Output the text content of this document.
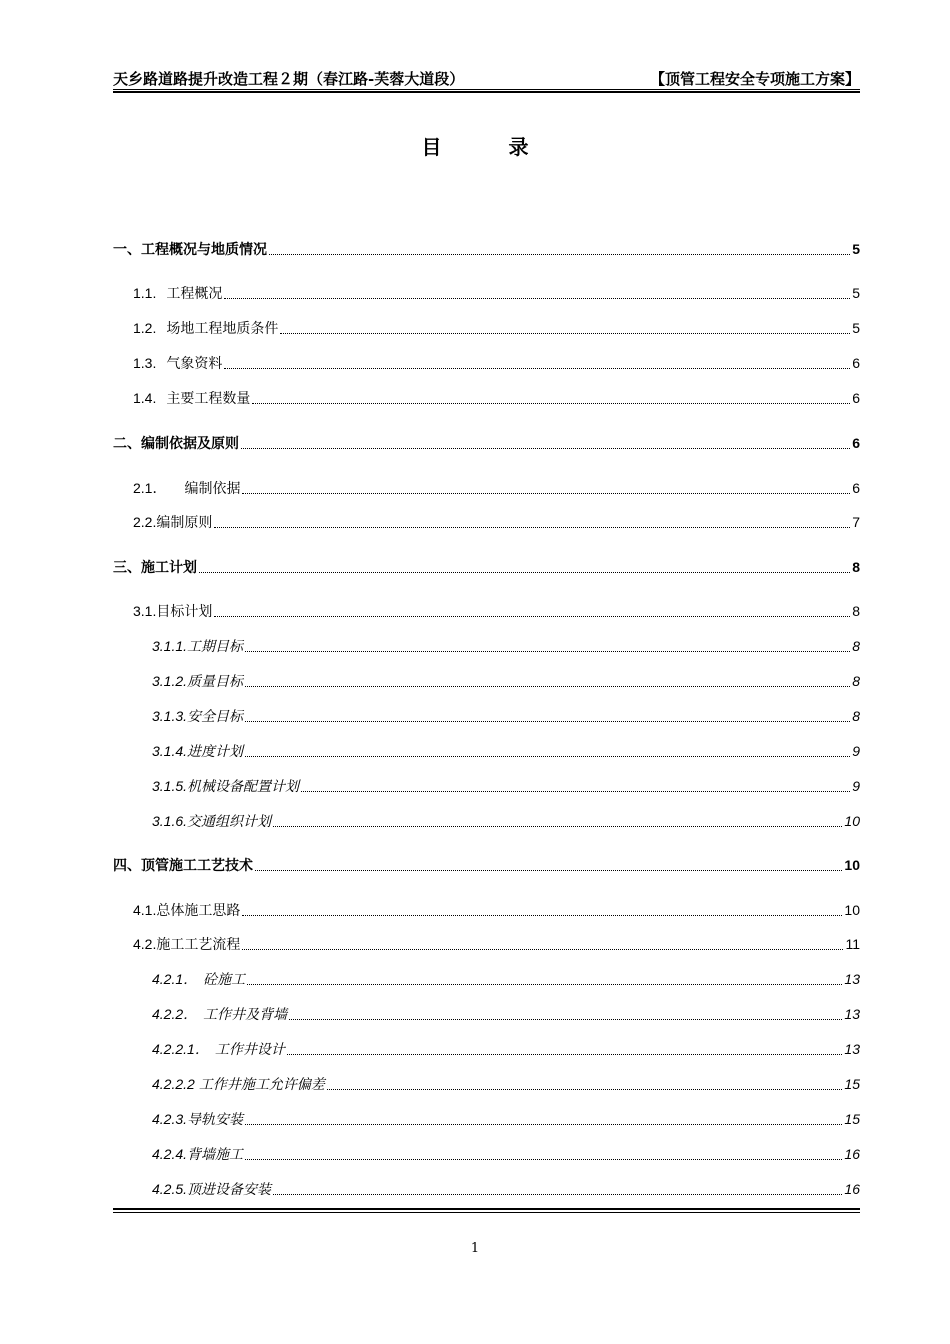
天乡路道路提升改造工程２期（春江路-芙蓉大道段）	【顶管工程安全专项施工方案】
目 录
一、 工程概况与地质情况	5
1.1. 工程概况	5
1.2. 场地工程地质条件	5
1.3. 气象资料	6
1.4. 主要工程数量	6
二、 编制依据及原则	6
2.1． 编制依据	6
2.2. 编制原则	7
三、 施工计划	8
3.1. 目标计划	8
3.1.1. 工期目标	8
3.1.2. 质量目标	8
3.1.3. 安全目标	8
3.1.4. 进度计划	9
3.1.5. 机械设备配置计划	9
3.1.6. 交通组织计划	10
四、 顶管施工工艺技术	10
4.1. 总体施工思路	10
4.2. 施工工艺流程	11
4.2.1． 砼施工	13
4.2.2． 工作井及背墙	13
4.2.2.1． 工作井设计	13
4.2.2.2 工作井施工允许偏差	15
4.2.3. 导轨安装	15
4.2.4. 背墙施工	16
4.2.5. 顶进设备安装	16
1
